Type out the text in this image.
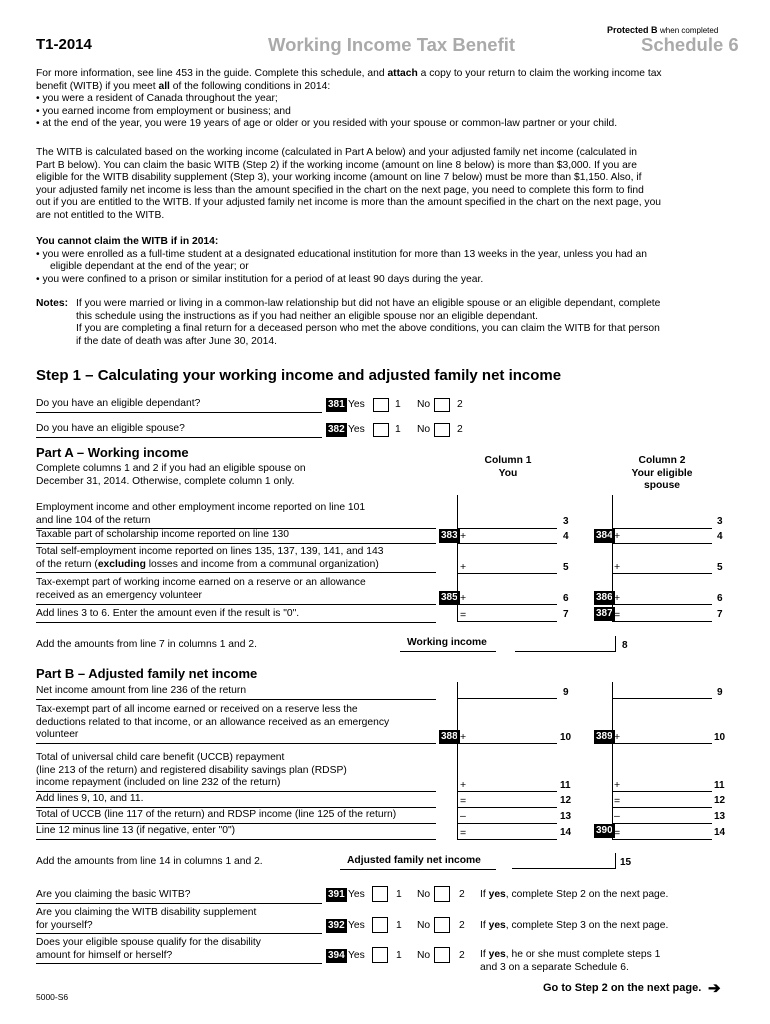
T1-2014	Working Income Tax Benefit
Protected B when completed
Schedule 6
For more information, see line 453 in the guide. Complete this schedule, and attach a copy to your return to claim the working income tax
benefit (WITB) if you meet all of the following conditions in 2014:
• you were a resident of Canada throughout the year;
• you earned income from employment or business; and
• at the end of the year, you were 19 years of age or older or you resided with your spouse or common-law partner or your child.
The WITB is calculated based on the working income (calculated in Part A below) and your adjusted family net income (calculated in
Part B below). You can claim the basic WITB (Step 2) if the working income (amount on line 8 below) is more than $3,000. If you are
eligible for the WITB disability supplement (Step 3), your working income (amount on line 7 below) must be more than $1,150. Also, if
your adjusted family net income is less than the amount specified in the chart on the next page, you need to complete this form to find
out if you are entitled to the WITB. If your adjusted family net income is more than the amount specified in the chart on the next page, you
are not entitled to the WITB.
You cannot claim the WITB if in 2014:
• you were enrolled as a full-time student at a designated educational institution for more than 13 weeks in the year, unless you had an
eligible dependant at the end of the year; or
• you were confined to a prison or similar institution for a period of at least 90 days during the year.
Notes: If you were married or living in a common-law relationship but did not have an eligible spouse or an eligible dependant, complete
this schedule using the instructions as if you had neither an eligible spouse nor an eligible dependant.
If you are completing a final return for a deceased person who met the above conditions, you can claim the WITB for that person
if the date of death was after June 30, 2014.
Step 1 – Calculating your working income and adjusted family net income
Do you have an eligible dependant?	381 Yes	1 No	2
Do you have an eligible spouse?	382 Yes	1 No	2
Part A – Working income
Complete columns 1 and 2 if you had an eligible spouse on
December 31, 2014. Otherwise, complete column 1 only.
Column 1
You
Column 2
Your eligible
spouse
Employment income and other employment income reported on line 101
and line 104 of the return	3	3
Taxable part of scholarship income reported on line 130	383 +	4	384 +	4
Total self-employment income reported on lines 135, 137, 139, 141, and 143
of the return (excluding losses and income from a communal organization)	+	5	+	5
Tax-exempt part of working income earned on a reserve or an allowance
received as an emergency volunteer	385 +	6	386 +	6
Add lines 3 to 6. Enter the amount even if the result is "0".	=	7	387 =	7
Add the amounts from line 7 in columns 1 and 2.	Working income	8
Part B – Adjusted family net income
Net income amount from line 236 of the return	9	9
Tax-exempt part of all income earned or received on a reserve less the
deductions related to that income, or an allowance received as an emergency
volunteer	388 +	10 389 +	10
Total of universal child care benefit (UCCB) repayment
(line 213 of the return) and registered disability savings plan (RDSP)
income repayment (included on line 232 of the return)	+	11	+	11
Add lines 9, 10, and 11.	=	12	=	12
Total of UCCB (line 117 of the return) and RDSP income (line 125 of the return)	–	13	–	13
Line 12 minus line 13 (if negative, enter "0")	=	14 390 =	14
Add the amounts from line 14 in columns 1 and 2.	Adjusted family net income	15
Are you claiming the basic WITB?	391 Yes	1 No	2 If yes, complete Step 2 on the next page.
Are you claiming the WITB disability supplement
for yourself?	392 Yes	1 No	2 If yes, complete Step 3 on the next page.
Does your eligible spouse qualify for the disability
amount for himself or herself?	394 Yes	1 No	2 If yes, he or she must complete steps 1
and 3 on a separate Schedule 6.
5000-S6
Go to Step 2 on the next page. ➔
